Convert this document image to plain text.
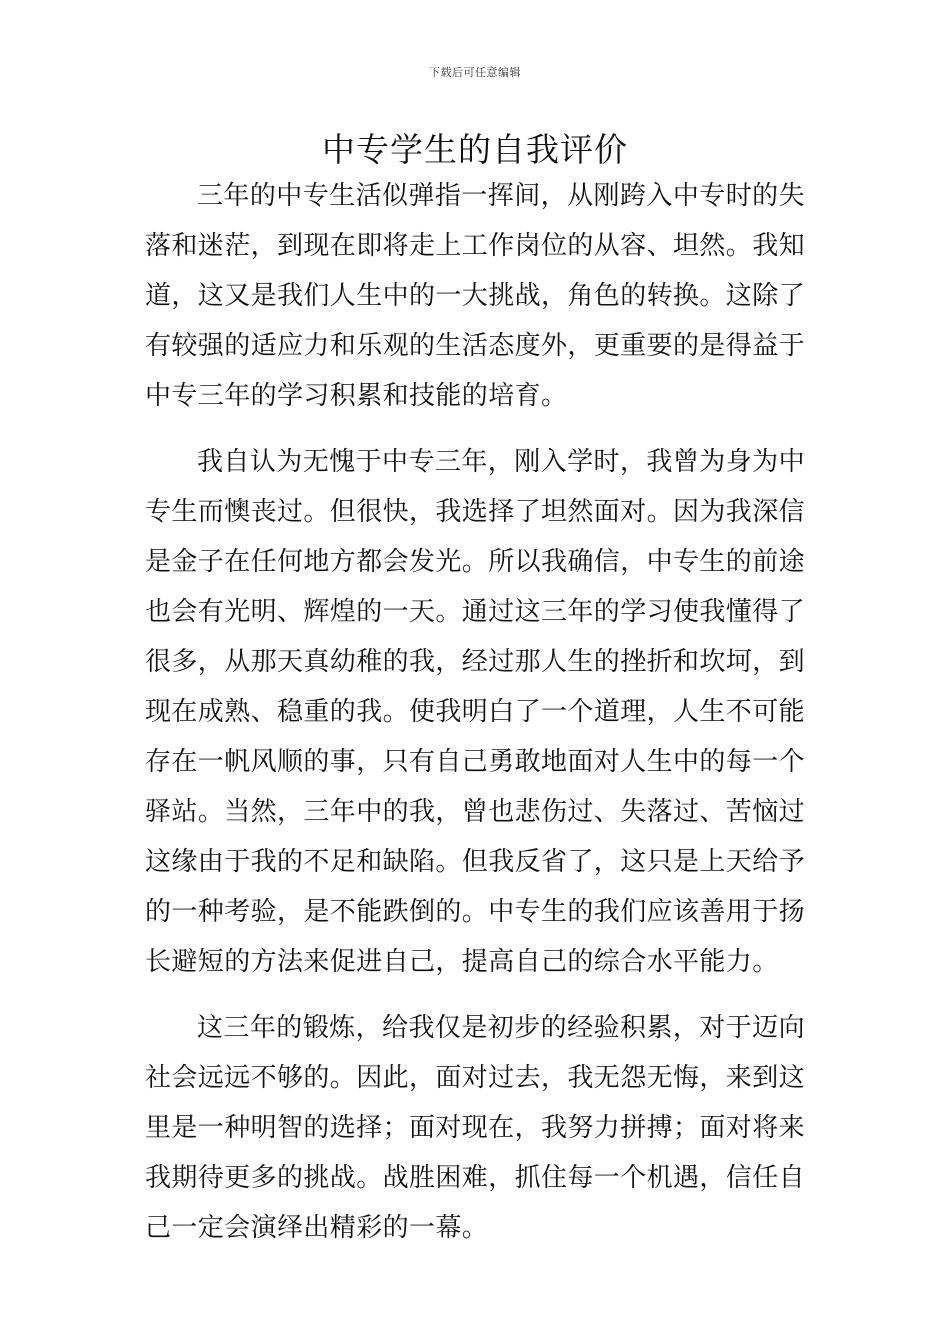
下载后可任意编辑
中专学生的自我评价

三年的中专生活似弹指一挥间，从刚跨入中专时的失落和迷茫，到现在即将走上工作岗位的从容、坦然。我知道，这又是我们人生中的一大挑战，角色的转换。这除了有较强的适应力和乐观的生活态度外，更重要的是得益于中专三年的学习积累和技能的培育。

我自认为无愧于中专三年，刚入学时，我曾为身为中专生而懊丧过。但很快，我选择了坦然面对。因为我深信是金子在任何地方都会发光。所以我确信，中专生的前途也会有光明、辉煌的一天。通过这三年的学习使我懂得了很多，从那天真幼稚的我，经过那人生的挫折和坎坷，到现在成熟、稳重的我。使我明白了一个道理，人生不可能存在一帆风顺的事，只有自己勇敢地面对人生中的每一个驿站。当然，三年中的我，曾也悲伤过、失落过、苦恼过这缘由于我的不足和缺陷。但我反省了，这只是上天给予的一种考验，是不能跌倒的。中专生的我们应该善用于扬长避短的方法来促进自己，提高自己的综合水平能力。

这三年的锻炼，给我仅是初步的经验积累，对于迈向社会远远不够的。因此，面对过去，我无怨无悔，来到这里是一种明智的选择；面对现在，我努力拼搏；面对将来我期待更多的挑战。战胜困难，抓住每一个机遇，信任自己一定会演绎出精彩的一幕。
